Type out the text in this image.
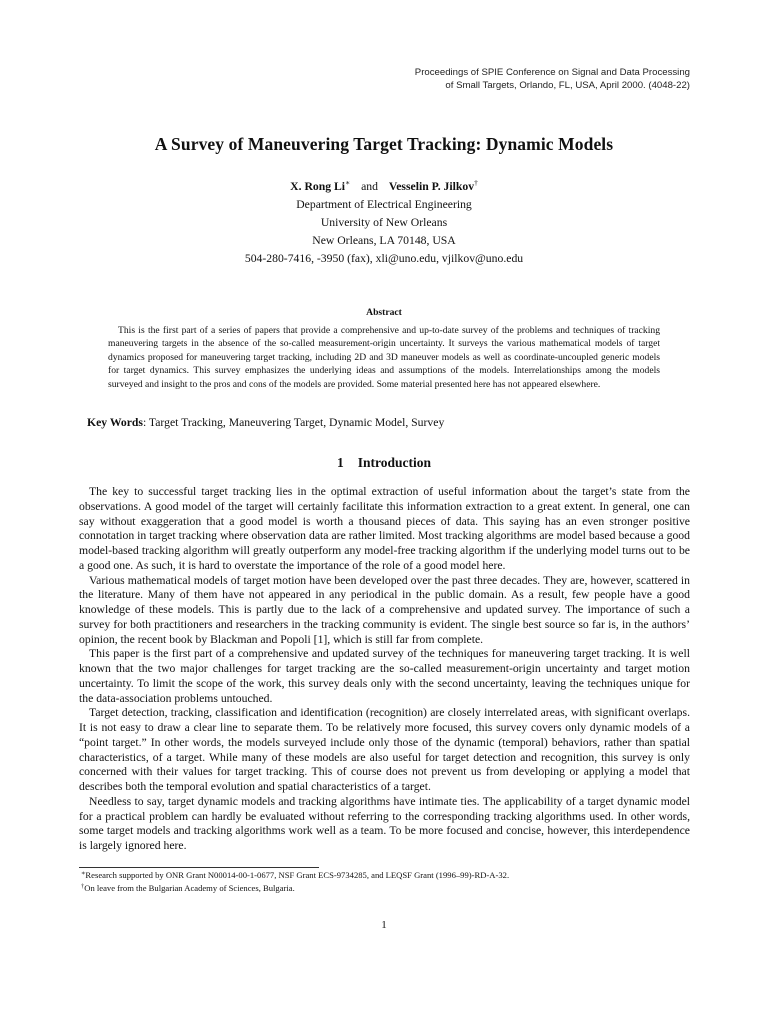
Proceedings of SPIE Conference on Signal and Data Processing
of Small Targets, Orlando, FL, USA, April 2000. (4048-22)
A Survey of Maneuvering Target Tracking: Dynamic Models
X. Rong Li∗ and Vesselin P. Jilkov†
Department of Electrical Engineering
University of New Orleans
New Orleans, LA 70148, USA
504-280-7416, -3950 (fax), xli@uno.edu, vjilkov@uno.edu
Abstract
This is the first part of a series of papers that provide a comprehensive and up-to-date survey of the problems and techniques of tracking maneuvering targets in the absence of the so-called measurement-origin uncertainty. It surveys the various mathematical models of target dynamics proposed for maneuvering target tracking, including 2D and 3D maneuver models as well as coordinate-uncoupled generic models for target dynamics. This survey emphasizes the underlying ideas and assumptions of the models. Interrelationships among the models surveyed and insight to the pros and cons of the models are provided. Some material presented here has not appeared elsewhere.
Key Words: Target Tracking, Maneuvering Target, Dynamic Model, Survey
1 Introduction

The key to successful target tracking lies in the optimal extraction of useful information about the target’s state from the observations. A good model of the target will certainly facilitate this information extraction to a great extent. In general, one can say without exaggeration that a good model is worth a thousand pieces of data. This saying has an even stronger positive connotation in target tracking where observation data are rather limited. Most tracking algorithms are model based because a good model-based tracking algorithm will greatly outperform any model-free tracking algorithm if the underlying model turns out to be a good one. As such, it is hard to overstate the importance of the role of a good model here.

Various mathematical models of target motion have been developed over the past three decades. They are, however, scattered in the literature. Many of them have not appeared in any periodical in the public domain. As a result, few people have a good knowledge of these models. This is partly due to the lack of a comprehensive and updated survey. The importance of such a survey for both practitioners and researchers in the tracking community is evident. The single best source so far is, in the authors’ opinion, the recent book by Blackman and Popoli [1], which is still far from complete.

This paper is the first part of a comprehensive and updated survey of the techniques for maneuvering target tracking. It is well known that the two major challenges for target tracking are the so-called measurement-origin uncertainty and target motion uncertainty. To limit the scope of the work, this survey deals only with the second uncertainty, leaving the techniques unique for the data-association problems untouched.

Target detection, tracking, classification and identification (recognition) are closely interrelated areas, with significant overlaps. It is not easy to draw a clear line to separate them. To be relatively more focused, this survey covers only dynamic models of a “point target.” In other words, the models surveyed include only those of the dynamic (temporal) behaviors, rather than spatial characteristics, of a target. While many of these models are also useful for target detection and recognition, this survey is only concerned with their values for target tracking. This of course does not prevent us from developing or applying a model that describes both the temporal evolution and spatial characteristics of a target.

Needless to say, target dynamic models and tracking algorithms have intimate ties. The applicability of a target dynamic model for a practical problem can hardly be evaluated without referring to the corresponding tracking algorithms used. In other words, some target models and tracking algorithms work well as a team. To be more focused and concise, however, this interdependence is largely ignored here.

∗Research supported by ONR Grant N00014-00-1-0677, NSF Grant ECS-9734285, and LEQSF Grant (1996–99)-RD-A-32.
†On leave from the Bulgarian Academy of Sciences, Bulgaria.
1
